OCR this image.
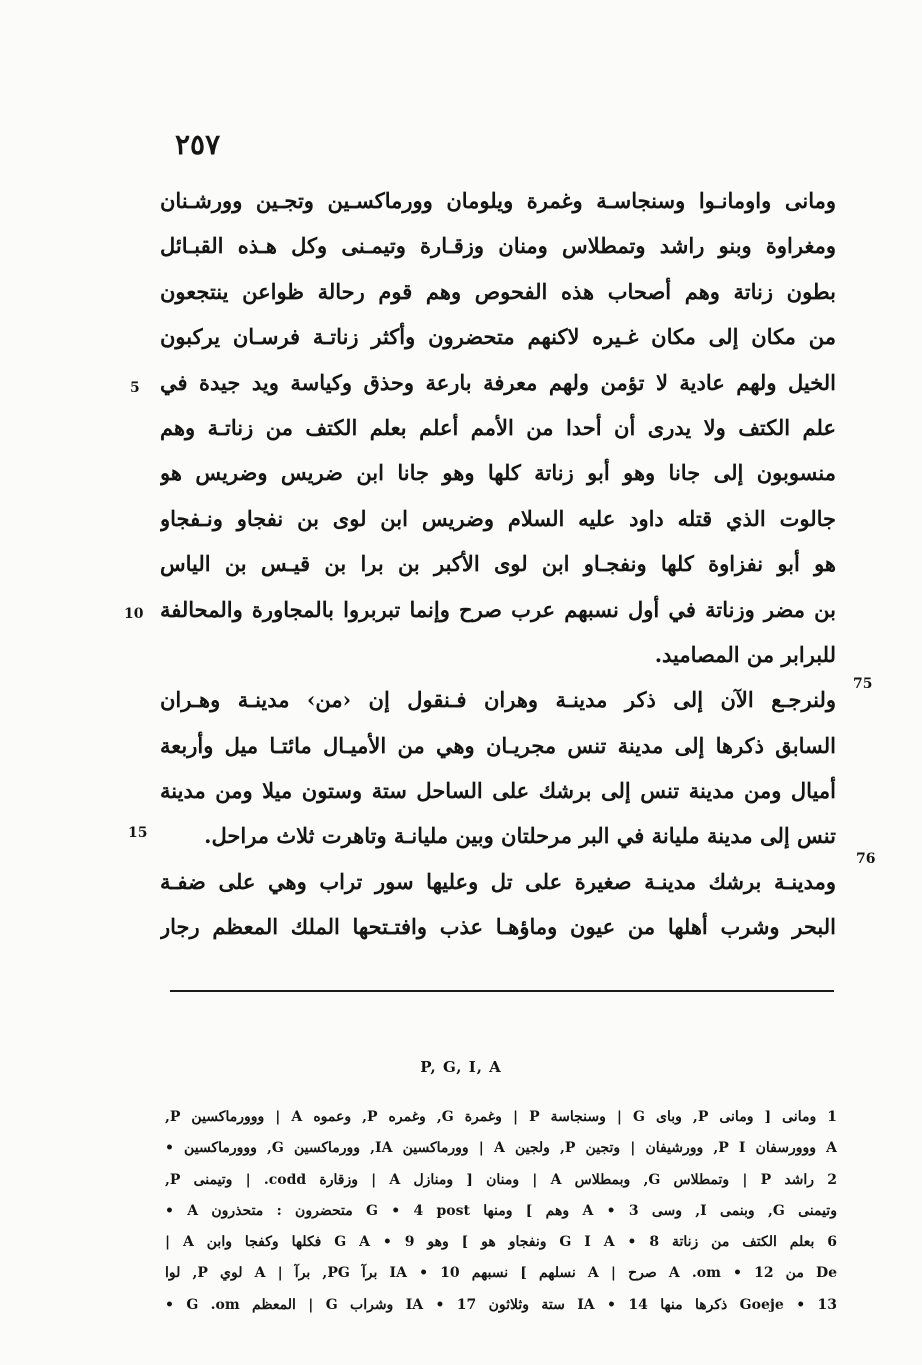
٢٥٧
ومانى واومانـوا وسنجاسـة وغمرة ويلومان وورماكسـين وتجـين وورشـنان
ومغراوة وبنو راشد وتمطلاس ومنان وزقـارة وتيمـنى وكل هـذه القبـائل
بطون زناتة وهم أصحاب هذه الفحوص وهم قوم رحالة ظواعن ينتجعون
من مكان إلى مكان غـيره لاكنهم متحضرون وأكثر زناتـة فرسـان يركبون
الخيل ولهم عادية لا تؤمن ولهم معرفة بارعة وحذق وكياسة ويد جيدة في
علم الكتف ولا يدرى أن أحدا من الأمم أعلم بعلم الكتف من زناتـة وهم
منسوبون إلى جانا وهو أبو زناتة كلها وهو جانا ابن ضريس وضريس هو
جالوت الذي قتله داود عليه السلام وضريس ابن لوى بن نفجاو ونـفجاو
هو أبو نفزاوة كلها ونفجـاو ابن لوى الأكبر بن برا بن قيـس بن الياس
بن مضر وزناتة في أول نسبهم عرب صرح وإنما تبربروا بالمجاورة والمحالفة
للبرابر من المصاميد.
ولنرجـع الآن إلى ذكر مدينـة وهران فـنقول إن ‹من› مدينـة وهـران
السابق ذكرها إلى مدينة تنس مجريـان وهي من الأميـال مائتـا ميل وأربعة
أميال ومن مدينة تنس إلى برشك على الساحل ستة وستون ميلا ومن مدينة
تنس إلى مدينة مليانة في البر مرحلتان وبين مليانـة وتاهرت ثلاث مراحل.
ومدينـة برشك مدينـة صغيرة على تل وعليها سور تراب وهي على ضفـة
البحر وشرب أهلها من عيون وماؤهـا عذب وافتـتحها الملك المعظم رجار
5
10
75
15
76
P, G, I, A
1 ومانى [ ومانى P, وباى G | وسنجاسة P | وغمرة G, وغمره P, وعموه A | ووورماكسين P,
A ووورسفان P I, وورشيفان | وتجين P, ولجين A | وورماكسين IA, وورماكسين G, ووورماكسين •
2 راشد P | وتمطلاس G, وبمطلاس A | ومنان [ ومنازل A | وزقارة codd. | وتيمنى P,
وتيمنى G, وبنمى I, وسى A • 3 وهم ] ومنها G • 4 post متحضرون : متحذرون A •
6 بعلم الكتف من زناتة G I A • 8 ونفجاو هو ] وهو G A • 9 فكلها وكفجا وابن A |
De من 12 • A .om صرح | A نسلهم ] نسبهم 10 • IA برآ PG, برآ | A لوي P, لوا
Goeje • 13 ذكرها منها IA • 14 ستة وثلاثون IA • 17 وشراب G | المعظم G .om •
